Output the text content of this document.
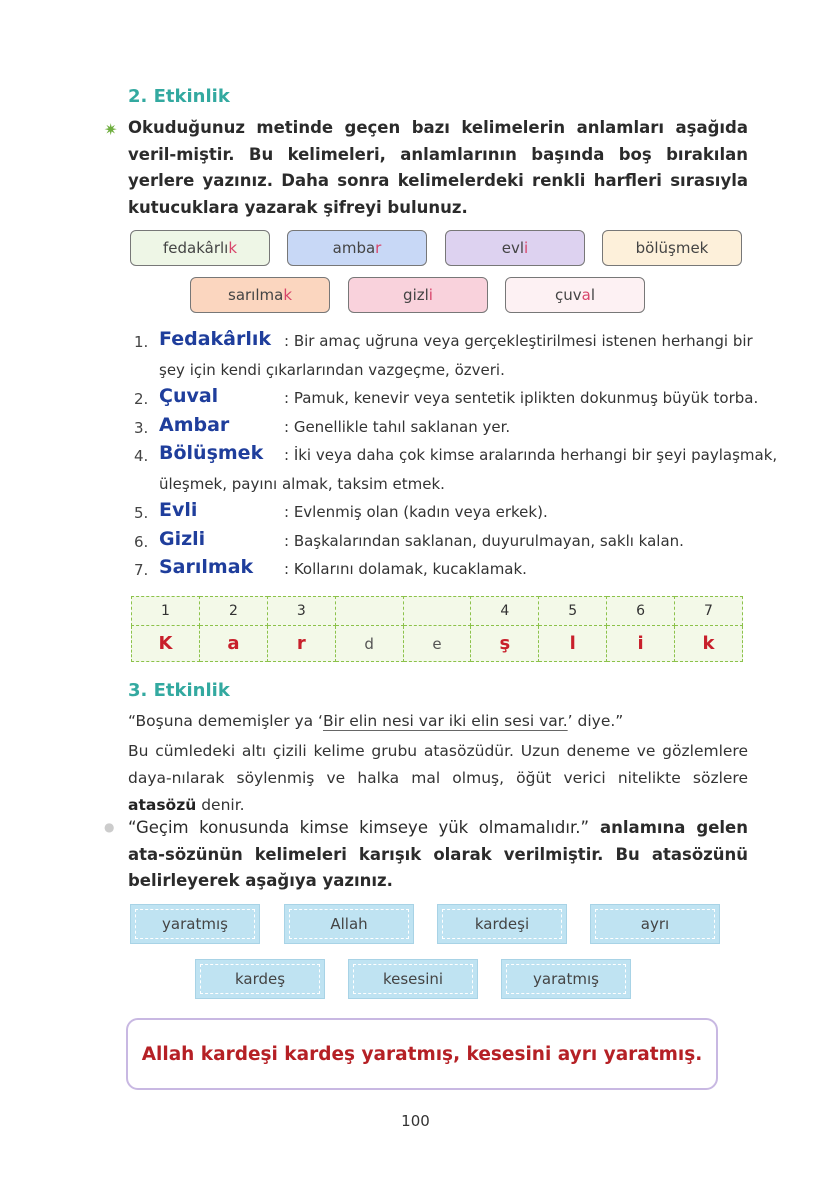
2. Etkinlik
✷ Okuduğunuz metinde geçen bazı kelimelerin anlamları aşağıda veril-miştir. Bu kelimeleri, anlamlarının başında boş bırakılan yerlere yazınız. Daha sonra kelimelerdeki renkli harfleri sırasıyla kutucuklara yazarak şifreyi bulunuz.
fedakârlı k	amba r	evl i	bölüşmek
sarılma k	gizl i	çuv a l
1. Fedakârlık : Bir amaç uğruna veya gerçekleştirilmesi istenen herhangi bir
şey için kendi çıkarlarından vazgeçme, özveri.
2. Çuval	: Pamuk, kenevir veya sentetik iplikten dokunmuş büyük torba.
3. Ambar	: Genellikle tahıl saklanan yer.
4. Bölüşmek : İki veya daha çok kimse aralarında herhangi bir şeyi paylaşmak,
üleşmek, payını almak, taksim etmek.
5. Evli	: Evlenmiş olan (kadın veya erkek).
6. Gizli	: Başkalarından saklanan, duyurulmayan, saklı kalan.
7. Sarılmak : Kollarını dolamak, kucaklamak.
1	2	3			4	5	6	7
K	a	r	d	e	ş	l	i	k
3. Etkinlik
“Boşuna dememişler ya ‘Bir elin nesi var iki elin sesi var.’ diye.”
Bu cümledeki altı çizili kelime grubu atasözüdür. Uzun deneme ve gözlemlere daya-nılarak söylenmiş ve halka mal olmuş, öğüt verici nitelikte sözlere atasözü denir.
● “Geçim konusunda kimse kimseye yük olmamalıdır.” anlamına gelen ata-sözünün kelimeleri karışık olarak verilmiştir. Bu atasözünü belirleyerek aşağıya yazınız.
yaratmış	Allah	kardeşi	ayrı
kardeş	kesesini	yaratmış
Allah kardeşi kardeş yaratmış, kesesini ayrı yaratmış.
100
